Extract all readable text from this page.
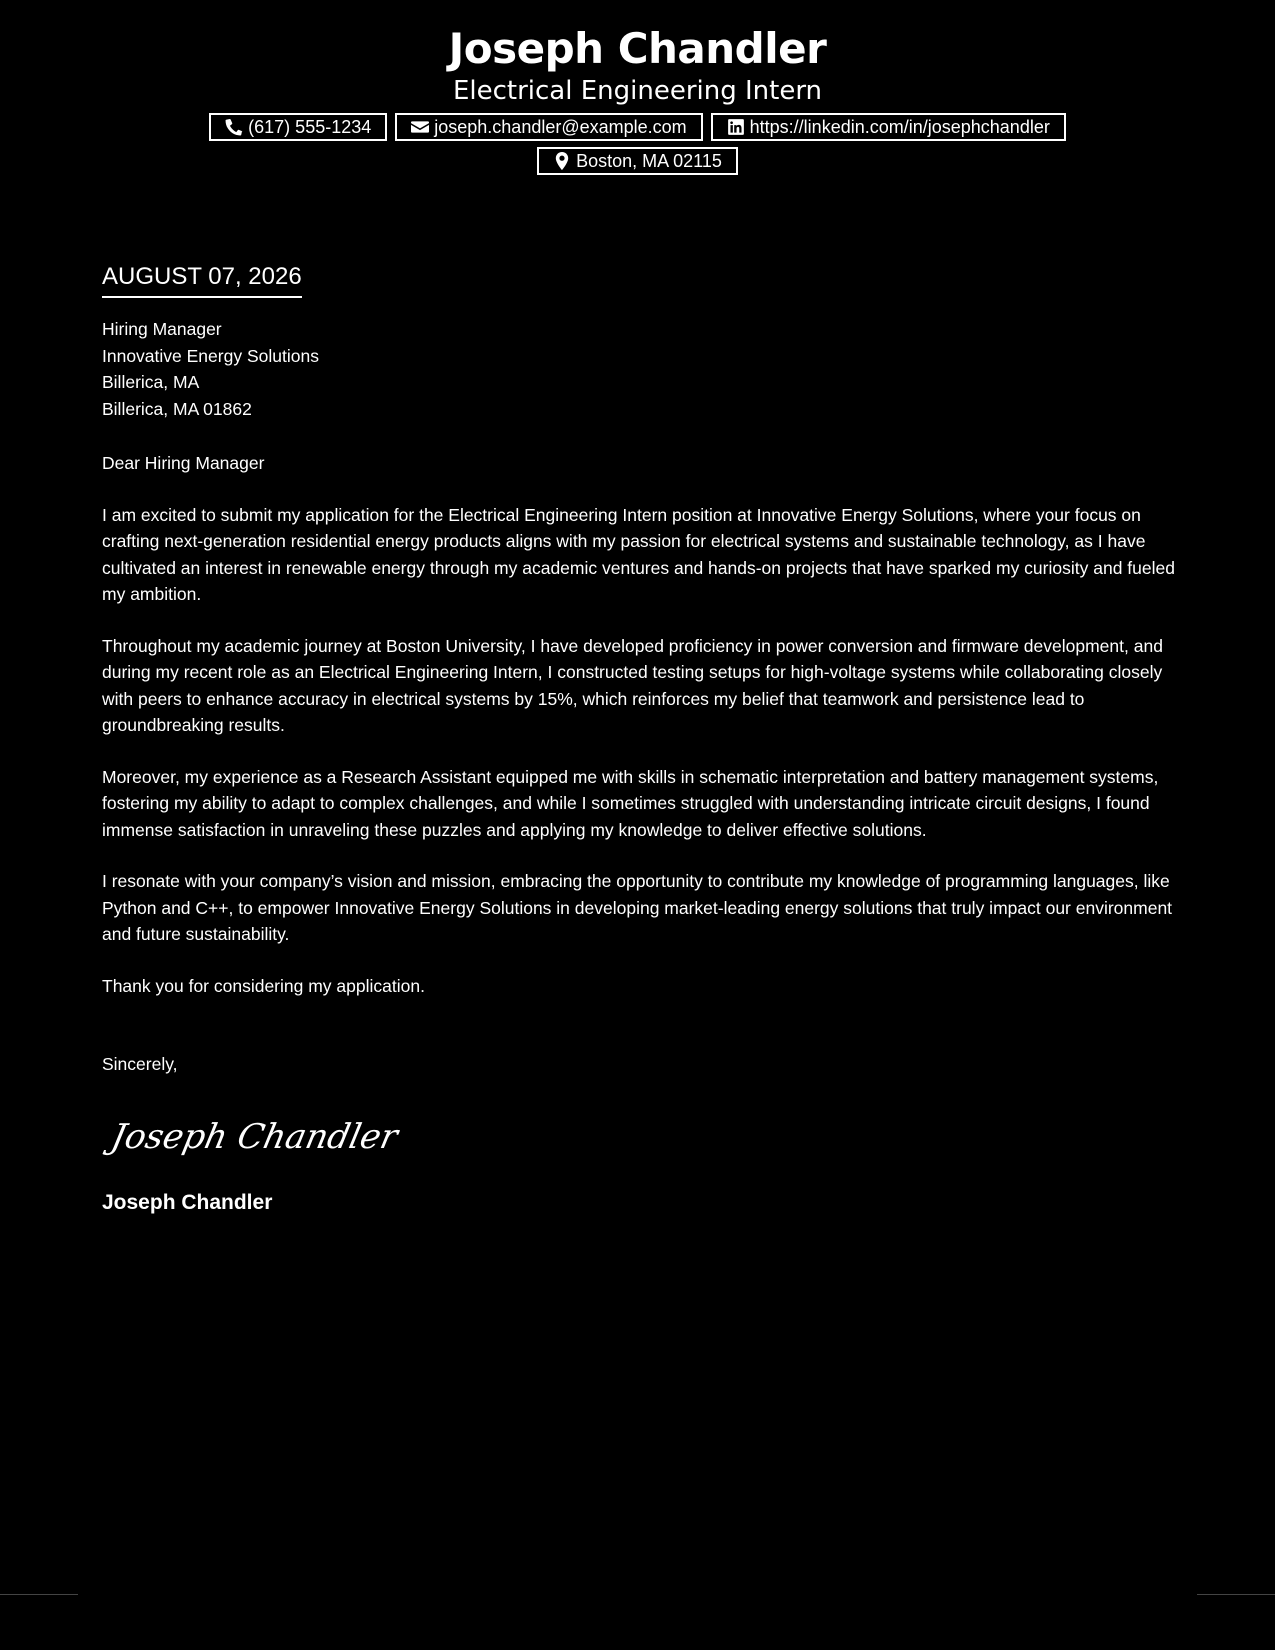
Joseph Chandler
Electrical Engineering Intern
(617) 555-1234	joseph.chandler@example.com	https://linkedin.com/in/josephchandler
Boston, MA 02115
AUGUST 07, 2026
Hiring Manager
Innovative Energy Solutions
Billerica, MA
Billerica, MA 01862
Dear Hiring Manager

I am excited to submit my application for the Electrical Engineering Intern position at Innovative Energy Solutions, where your focus on crafting next-generation residential energy products aligns with my passion for electrical systems and sustainable technology, as I have cultivated an interest in renewable energy through my academic ventures and hands-on projects that have sparked my curiosity and fueled my ambition.

Throughout my academic journey at Boston University, I have developed proficiency in power conversion and firmware development, and during my recent role as an Electrical Engineering Intern, I constructed testing setups for high-voltage systems while collaborating closely with peers to enhance accuracy in electrical systems by 15%, which reinforces my belief that teamwork and persistence lead to groundbreaking results.

Moreover, my experience as a Research Assistant equipped me with skills in schematic interpretation and battery management systems, fostering my ability to adapt to complex challenges, and while I sometimes struggled with understanding intricate circuit designs, I found immense satisfaction in unraveling these puzzles and applying my knowledge to deliver effective solutions.

I resonate with your company’s vision and mission, embracing the opportunity to contribute my knowledge of programming languages, like Python and C++, to empower Innovative Energy Solutions in developing market-leading energy solutions that truly impact our environment and future sustainability.

Thank you for considering my application.

Sincerely,
Joseph Chandler
Joseph Chandler
